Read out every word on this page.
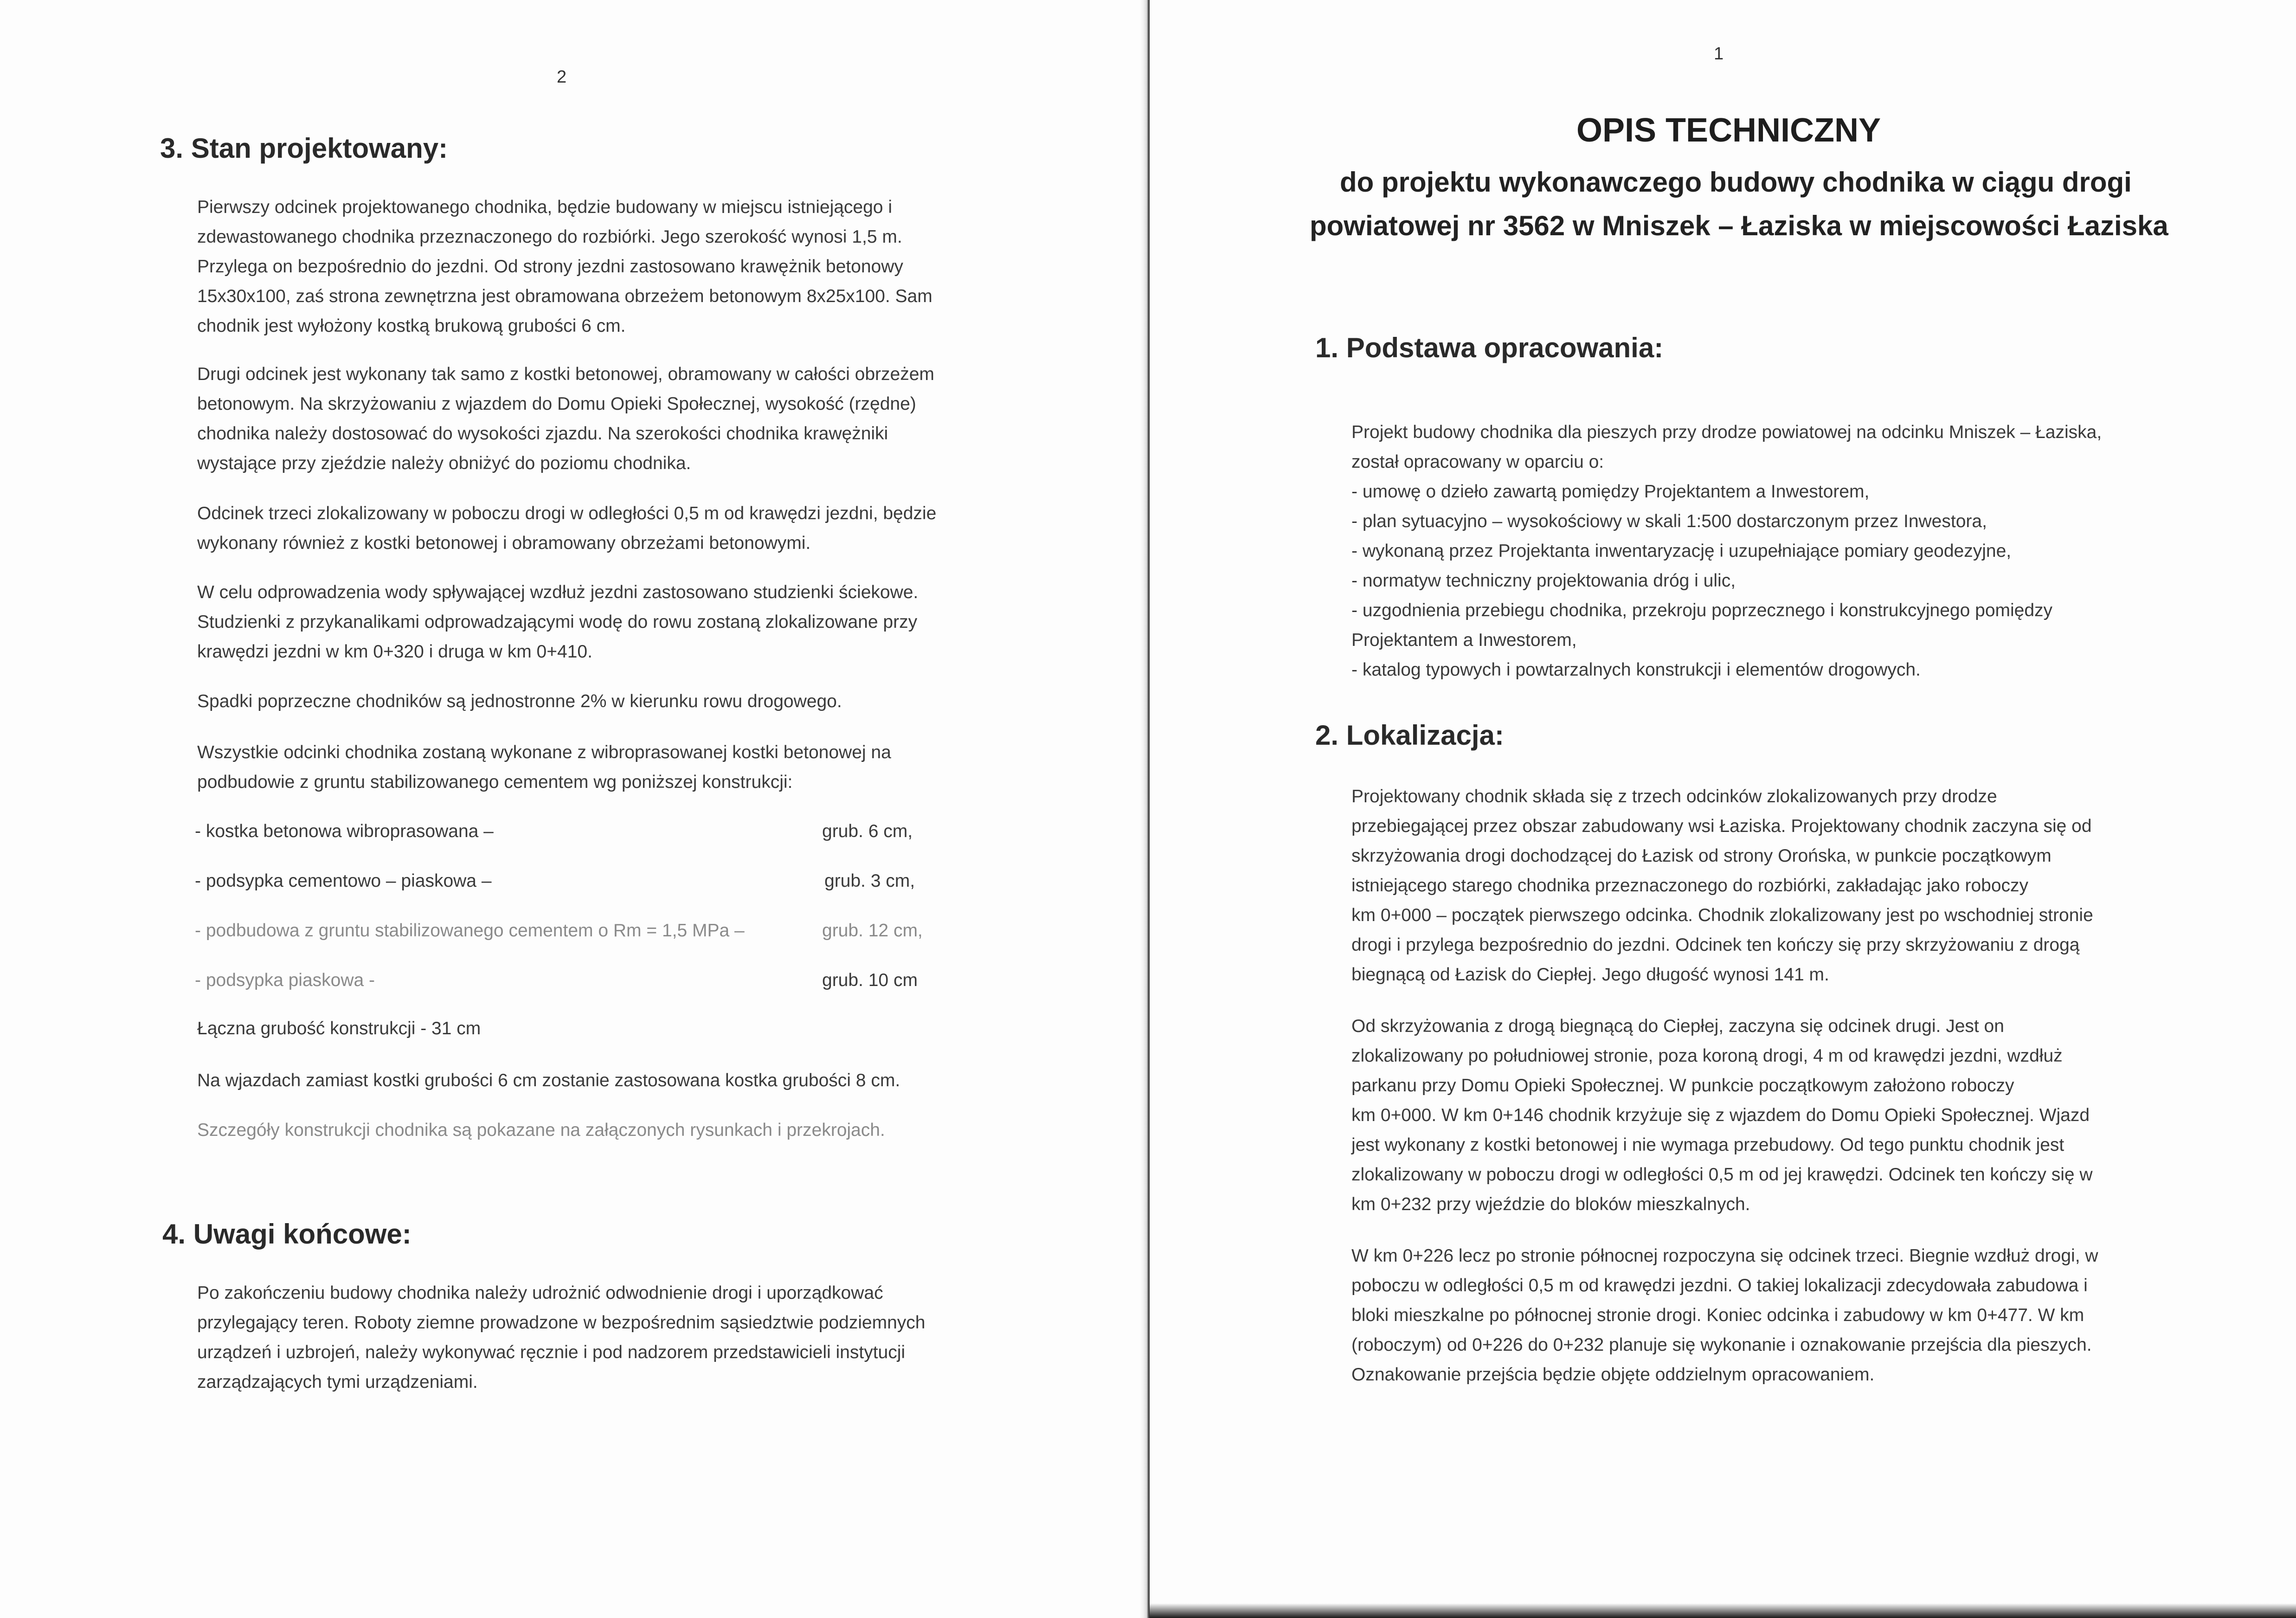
2
3. Stan projektowany:
Pierwszy odcinek projektowanego chodnika, będzie budowany w miejscu istniejącego i
zdewastowanego chodnika przeznaczonego do rozbiórki. Jego szerokość wynosi 1,5 m.
Przylega on bezpośrednio do jezdni. Od strony jezdni zastosowano krawężnik betonowy
15x30x100, zaś strona zewnętrzna jest obramowana obrzeżem betonowym 8x25x100. Sam
chodnik jest wyłożony kostką brukową grubości 6 cm.
Drugi odcinek jest wykonany tak samo z kostki betonowej, obramowany w całości obrzeżem
betonowym. Na skrzyżowaniu z wjazdem do Domu Opieki Społecznej, wysokość (rzędne)
chodnika należy dostosować do wysokości zjazdu. Na szerokości chodnika krawężniki
wystające przy zjeździe należy obniżyć do poziomu chodnika.
Odcinek trzeci zlokalizowany w poboczu drogi w odległości 0,5 m od krawędzi jezdni, będzie
wykonany również z kostki betonowej i obramowany obrzeżami betonowymi.
W celu odprowadzenia wody spływającej wzdłuż jezdni zastosowano studzienki ściekowe.
Studzienki z przykanalikami odprowadzającymi wodę do rowu zostaną zlokalizowane przy
krawędzi jezdni w km 0+320 i druga w km 0+410.
Spadki poprzeczne chodników są jednostronne 2% w kierunku rowu drogowego.
Wszystkie odcinki chodnika zostaną wykonane z wibroprasowanej kostki betonowej na
podbudowie z gruntu stabilizowanego cementem wg poniższej konstrukcji:
- kostka betonowa wibroprasowana –	grub. 6 cm,
- podsypka cementowo – piaskowa –	grub. 3 cm,
- podbudowa z gruntu stabilizowanego cementem o Rm = 1,5 MPa –	grub. 12 cm,
- podsypka piaskowa -	grub. 10 cm
Łączna grubość konstrukcji - 31 cm
Na wjazdach zamiast kostki grubości 6 cm zostanie zastosowana kostka grubości 8 cm.
Szczegóły konstrukcji chodnika są pokazane na załączonych rysunkach i przekrojach.
4. Uwagi końcowe:
Po zakończeniu budowy chodnika należy udrożnić odwodnienie drogi i uporządkować
przylegający teren. Roboty ziemne prowadzone w bezpośrednim sąsiedztwie podziemnych
urządzeń i uzbrojeń, należy wykonywać ręcznie i pod nadzorem przedstawicieli instytucji
zarządzających tymi urządzeniami.
1
OPIS TECHNICZNY
do projektu wykonawczego budowy chodnika w ciągu drogi
powiatowej nr 3562 w Mniszek – Łaziska w miejscowości Łaziska
1. Podstawa opracowania:
Projekt budowy chodnika dla pieszych przy drodze powiatowej na odcinku Mniszek – Łaziska,
został opracowany w oparciu o:
- umowę o dzieło zawartą pomiędzy Projektantem a Inwestorem,
- plan sytuacyjno – wysokościowy w skali 1:500 dostarczonym przez Inwestora,
- wykonaną przez Projektanta inwentaryzację i uzupełniające pomiary geodezyjne,
- normatyw techniczny projektowania dróg i ulic,
- uzgodnienia przebiegu chodnika, przekroju poprzecznego i konstrukcyjnego pomiędzy
Projektantem a Inwestorem,
- katalog typowych i powtarzalnych konstrukcji i elementów drogowych.
2. Lokalizacja:
Projektowany chodnik składa się z trzech odcinków zlokalizowanych przy drodze
przebiegającej przez obszar zabudowany wsi Łaziska. Projektowany chodnik zaczyna się od
skrzyżowania drogi dochodzącej do Łazisk od strony Orońska, w punkcie początkowym
istniejącego starego chodnika przeznaczonego do rozbiórki, zakładając jako roboczy
km 0+000 – początek pierwszego odcinka. Chodnik zlokalizowany jest po wschodniej stronie
drogi i przylega bezpośrednio do jezdni. Odcinek ten kończy się przy skrzyżowaniu z drogą
biegnącą od Łazisk do Ciepłej. Jego długość wynosi 141 m.
Od skrzyżowania z drogą biegnącą do Ciepłej, zaczyna się odcinek drugi. Jest on
zlokalizowany po południowej stronie, poza koroną drogi, 4 m od krawędzi jezdni, wzdłuż
parkanu przy Domu Opieki Społecznej. W punkcie początkowym założono roboczy
km 0+000. W km 0+146 chodnik krzyżuje się z wjazdem do Domu Opieki Społecznej. Wjazd
jest wykonany z kostki betonowej i nie wymaga przebudowy. Od tego punktu chodnik jest
zlokalizowany w poboczu drogi w odległości 0,5 m od jej krawędzi. Odcinek ten kończy się w
km 0+232 przy wjeździe do bloków mieszkalnych.
W km 0+226 lecz po stronie północnej rozpoczyna się odcinek trzeci. Biegnie wzdłuż drogi, w
poboczu w odległości 0,5 m od krawędzi jezdni. O takiej lokalizacji zdecydowała zabudowa i
bloki mieszkalne po północnej stronie drogi. Koniec odcinka i zabudowy w km 0+477. W km
(roboczym) od 0+226 do 0+232 planuje się wykonanie i oznakowanie przejścia dla pieszych.
Oznakowanie przejścia będzie objęte oddzielnym opracowaniem.
